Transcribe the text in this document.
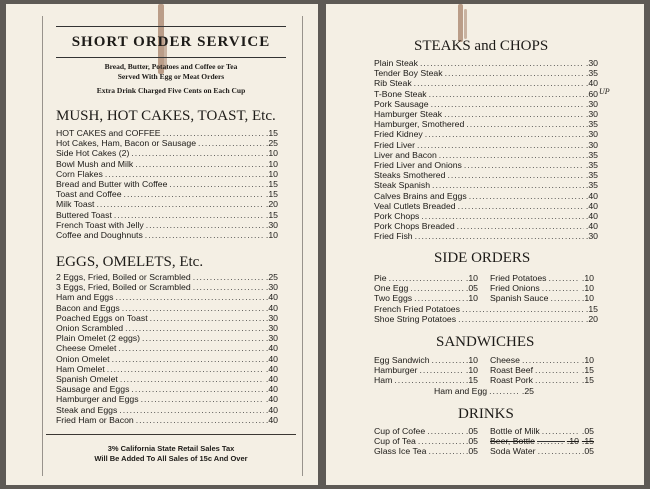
SHORT ORDER SERVICE
Bread, Butter, Potatoes and Coffee or Tea
Served With Egg or Meat Orders
Extra Drink Charged Five Cents on Each Cup
MUSH, HOT CAKES, TOAST, Etc.
HOT CAKES and COFFEE .....	.15
Hot Cakes, Ham, Bacon or Sausage .....	.25
Side Hot Cakes (2) .....	.10
Bowl Mush and Milk .....	.10
Corn Flakes .....	.10
Bread and Butter with Coffee .....	.15
Toast and Coffee .....	.15
Milk Toast .....	.20
Buttered Toast .....	.15
French Toast with Jelly .....	.30
Coffee and Doughnuts .....	.10
EGGS, OMELETS, Etc.
2 Eggs, Fried, Boiled or Scrambled .....	.25
3 Eggs, Fried, Boiled or Scrambled .....	.30
Ham and Eggs .....	.40
Bacon and Eggs .....	.40
Poached Eggs on Toast .....	.30
Onion Scrambled .....	.30
Plain Omelet (2 eggs) .....	.30
Cheese Omelet .....	.40
Onion Omelet .....	.40
Ham Omelet .....	.40
Spanish Omelet .....	.40
Sausage and Eggs .....	.40
Hamburger and Eggs .....	.40
Steak and Eggs .....	.40
Fried Ham or Bacon .....	.40
3% California State Retail Sales Tax
Will Be Added To All Sales of 15c And Over
STEAKS and CHOPS
Plain Steak .....	.30
Tender Boy Steak .....	.35
Rib Steak .....	.40
T-Bone Steak .....	.60
Pork Sausage .....	.30
Hamburger Steak .....	.30
Hamburger, Smothered .....	.35
Fried Kidney .....	.30
Fried Liver .....	.30
Liver and Bacon .....	.35
Fried Liver and Onions .....	.35
Steaks Smothered .....	.35
Steak Spanish .....	.35
Calves Brains and Eggs .....	.40
Veal Cutlets Breaded .....	.40
Pork Chops .....	.40
Pork Chops Breaded .....	.40
Fried Fish .....	.30
UP
SIDE ORDERS
Pie .....	.10
One Egg .....	.05
Two Eggs .....	.10
Fried Potatoes .....	.10
Fried Onions .....	.10
Spanish Sauce .....	.10
French Fried Potatoes .....	.15
Shoe String Potatoes .....	.20
SANDWICHES
Egg Sandwich .....	.10
Hamburger .....	.10
Ham .....	.15
Cheese .....	.10
Roast Beef .....	.15
Roast Pork .....	.15
Ham and Egg .....	.25
DRINKS
Cup of Cofee .....	.05
Cup of Tea .....	.05
Glass Ice Tea .....	.05
Bottle of Milk .....	.05
Beer, Bottle .....	.10 .15
Soda Water .....	.05
